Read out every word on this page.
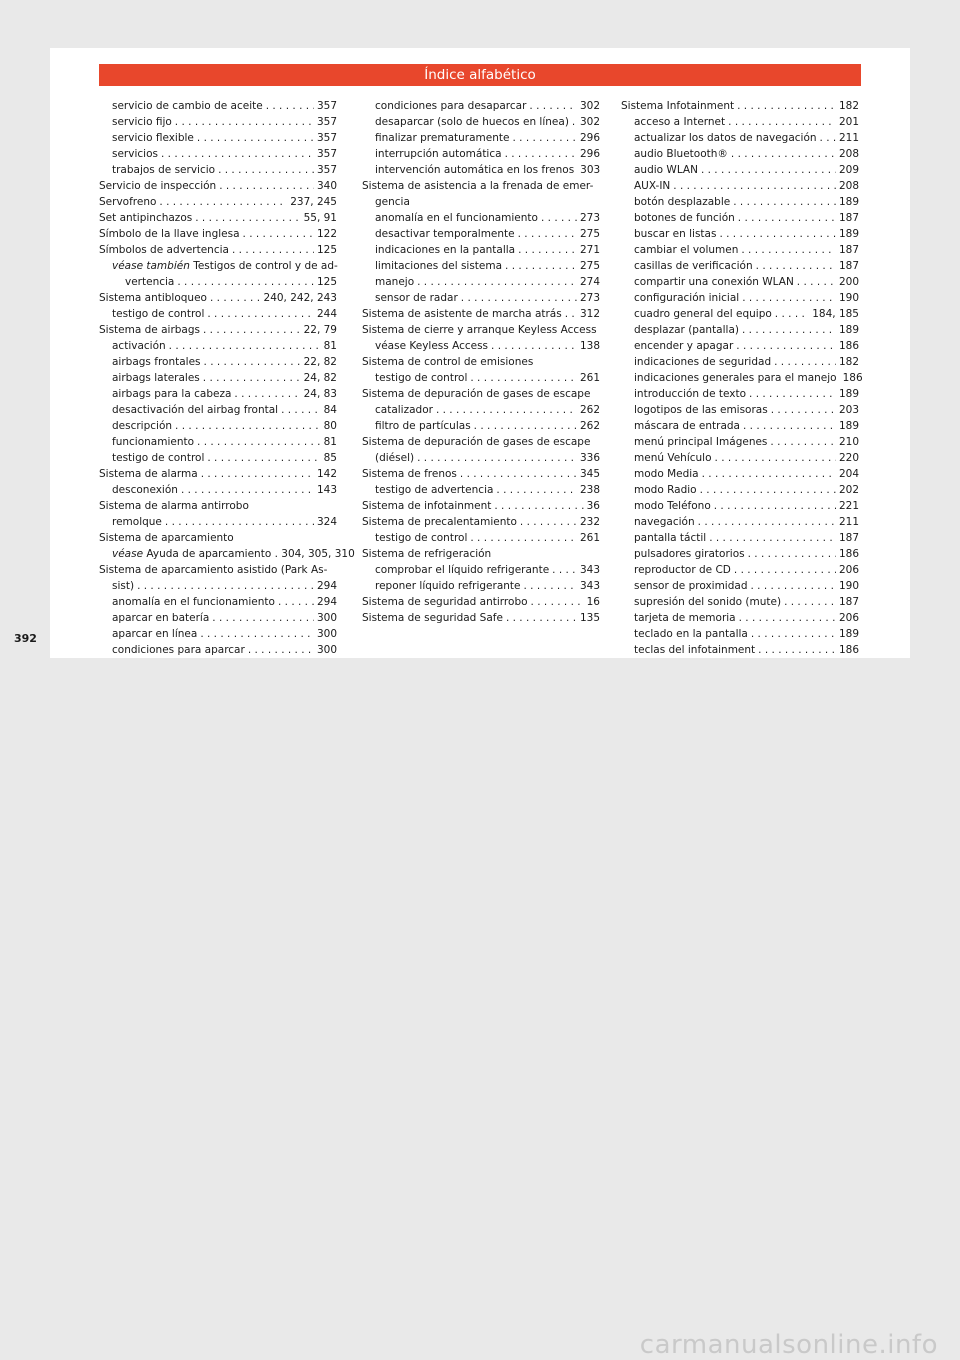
Índice alfabético
servicio de cambio de aceite . . .	357
servicio fijo . . .	357
servicio flexible . . .	357
servicios . . .	357
trabajos de servicio . . .	357
Servicio de inspección . . .	340
Servofreno . . .	237, 245
Set antipinchazos . . .	55, 91
Símbolo de la llave inglesa . . .	122
Símbolos de advertencia . . .	125
véase también Testigos de control y de ad-
vertencia . . .	125
Sistema antibloqueo . . .	240, 242, 243
testigo de control . . .	244
Sistema de airbags . . .	22, 79
activación . . .	81
airbags frontales . . .	22, 82
airbags laterales . . .	24, 82
airbags para la cabeza . . .	24, 83
desactivación del airbag frontal . . .	84
descripción . . .	80
funcionamiento . . .	81
testigo de control . . .	85
Sistema de alarma . . .	142
desconexión . . .	143
Sistema de alarma antirrobo
remolque . . .	324
Sistema de aparcamiento
véase Ayuda de aparcamiento . 304, 305, 310
Sistema de aparcamiento asistido (Park As-
sist) . . .	294
anomalía en el funcionamiento . . .	294
aparcar en batería . . .	300
aparcar en línea . . .	300
condiciones para aparcar . . .	300
condiciones para desaparcar . . .	302
desaparcar (solo de huecos en línea) . . . 302
finalizar prematuramente . . .	296
interrupción automática . . .	296
intervención automática en los frenos 303
Sistema de asistencia a la frenada de emer-
gencia
anomalía en el funcionamiento . . .	273
desactivar temporalmente . . .	275
indicaciones en la pantalla . . .	271
limitaciones del sistema . . .	275
manejo . . .	274
sensor de radar . . .	273
Sistema de asistente de marcha atrás . . . 312
Sistema de cierre y arranque Keyless Access
véase Keyless Access . . .	138
Sistema de control de emisiones
testigo de control . . .	261
Sistema de depuración de gases de escape
catalizador . . .	262
filtro de partículas . . .	262
Sistema de depuración de gases de escape
(diésel) . . .	336
Sistema de frenos . . .	345
testigo de advertencia . . .	238
Sistema de infotainment . . .	36
Sistema de precalentamiento . . .	232
testigo de control . . .	261
Sistema de refrigeración
comprobar el líquido refrigerante . . .	343
reponer líquido refrigerante . . .	343
Sistema de seguridad antirrobo . . .	16
Sistema de seguridad Safe . . .	135
Sistema Infotainment . . .	182
acceso a Internet . . .	201
actualizar los datos de navegación . . . 211
audio Bluetooth® . . .	208
audio WLAN . . .	209
AUX-IN . . .	208
botón desplazable . . .	189
botones de función . . .	187
buscar en listas . . .	189
cambiar el volumen . . .	187
casillas de verificación . . .	187
compartir una conexión WLAN . . .	200
configuración inicial . . .	190
cuadro general del equipo . . .	184, 185
desplazar (pantalla) . . .	189
encender y apagar . . .	186
indicaciones de seguridad . . .	182
indicaciones generales para el manejo 186
introducción de texto . . .	189
logotipos de las emisoras . . .	203
máscara de entrada . . .	189
menú principal Imágenes . . .	210
menú Vehículo . . .	220
modo Media . . .	204
modo Radio . . .	202
modo Teléfono . . .	221
navegación . . .	211
pantalla táctil . . .	187
pulsadores giratorios . . .	186
reproductor de CD . . .	206
sensor de proximidad . . .	190
supresión del sonido (mute) . . .	187
tarjeta de memoria . . .	206
teclado en la pantalla . . .	189
teclas del infotainment . . .	186
392
carmanualsonline.info
